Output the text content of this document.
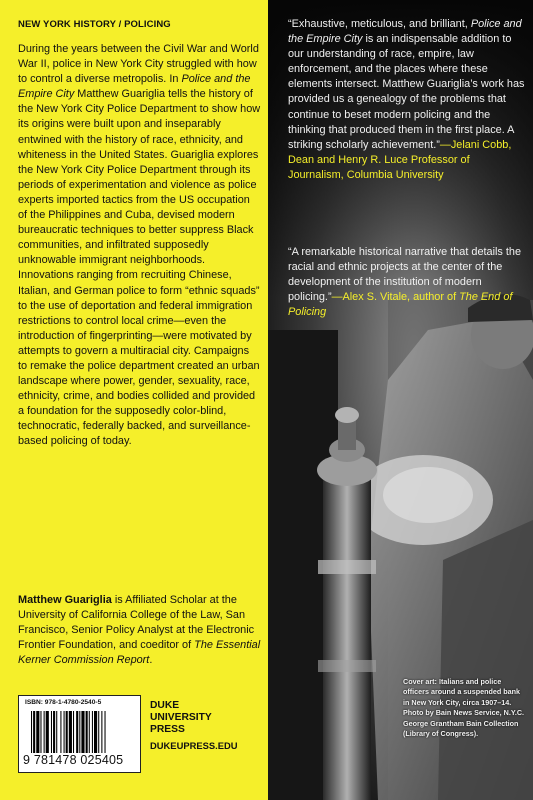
NEW YORK HISTORY / POLICING

During the years between the Civil War and World War II, police in New York City struggled with how to control a diverse metropolis. In Police and the Empire City Matthew Guariglia tells the history of the New York City Police Department to show how its origins were built upon and inseparably entwined with the history of race, ethnicity, and whiteness in the United States. Guariglia explores the New York City Police Department through its periods of experimentation and violence as police experts imported tactics from the US occupation of the Philippines and Cuba, devised modern bureaucratic techniques to better suppress Black communities, and infiltrated supposedly unknowable immigrant neighborhoods. Innovations ranging from recruiting Chinese, Italian, and German police to form “ethnic squads” to the use of deportation and federal immigration restrictions to control local crime—even the introduction of fingerprinting—were motivated by attempts to govern a multiracial city. Campaigns to remake the police department created an urban landscape where power, gender, sexuality, race, ethnicity, crime, and bodies collided and provided a foundation for the supposedly color-blind, technocratic, federally backed, and surveillance-based policing of today.

Matthew Guariglia is Affiliated Scholar at the University of California College of the Law, San Francisco, Senior Policy Analyst at the Electronic Frontier Foundation, and coeditor of The Essential Kerner Commission Report.

ISBN: 978-1-4780-2540-5
9 781478 025405
DUKE
UNIVERSITY
PRESS
DUKEUPRESS.EDU

“Exhaustive, meticulous, and brilliant, Police and the Empire City is an indispensable addition to our understanding of race, empire, law enforcement, and the places where these elements intersect. Matthew Guariglia’s work has provided us a genealogy of the problems that continue to beset modern policing and the thinking that produced them in the first place. A striking scholarly achievement.”—Jelani Cobb, Dean and Henry R. Luce Professor of Journalism, Columbia University

“A remarkable historical narrative that details the racial and ethnic projects at the center of the development of the institution of modern policing.”—Alex S. Vitale, author of The End of Policing

Cover art: Italians and police officers around a suspended bank in New York City, circa 1907–14. Photo by Bain News Service, N.Y.C. George Grantham Bain Collection (Library of Congress).
